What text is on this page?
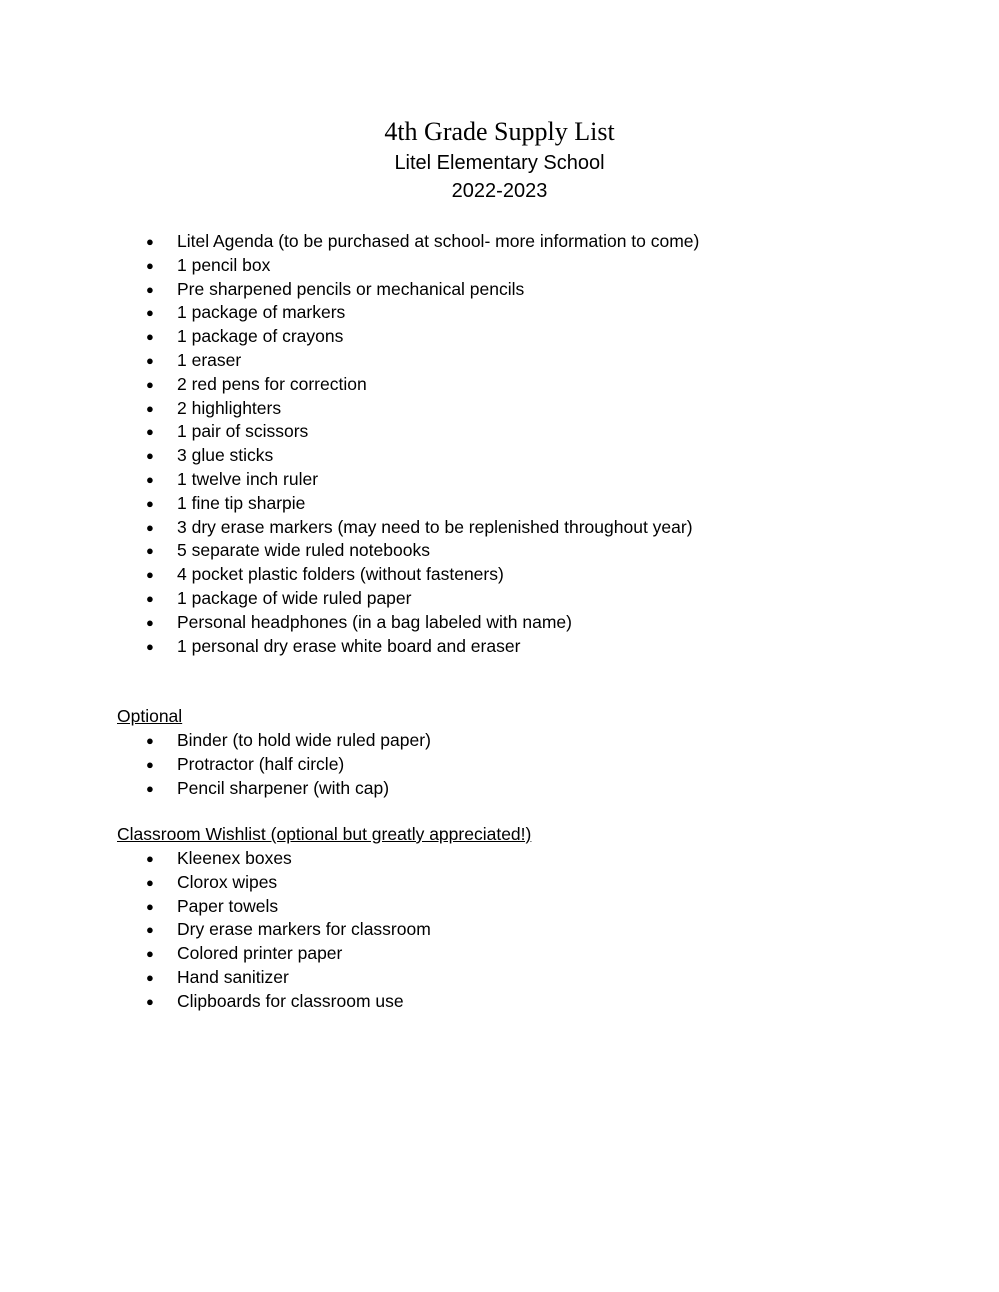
4th Grade Supply List

Litel Elementary School

2022-2023

● Litel Agenda (to be purchased at school- more information to come)
● 1 pencil box
● Pre sharpened pencils or mechanical pencils
● 1 package of markers
● 1 package of crayons
● 1 eraser
● 2 red pens for correction
● 2 highlighters
● 1 pair of scissors
● 3 glue sticks
● 1 twelve inch ruler
● 1 fine tip sharpie
● 3 dry erase markers (may need to be replenished throughout year)
● 5 separate wide ruled notebooks
● 4 pocket plastic folders (without fasteners)
● 1 package of wide ruled paper
● Personal headphones (in a bag labeled with name)
● 1 personal dry erase white board and eraser
Optional
● Binder (to hold wide ruled paper)
● Protractor (half circle)
● Pencil sharpener (with cap)
Classroom Wishlist (optional but greatly appreciated!)
● Kleenex boxes
● Clorox wipes
● Paper towels
● Dry erase markers for classroom
● Colored printer paper
● Hand sanitizer
● Clipboards for classroom use
